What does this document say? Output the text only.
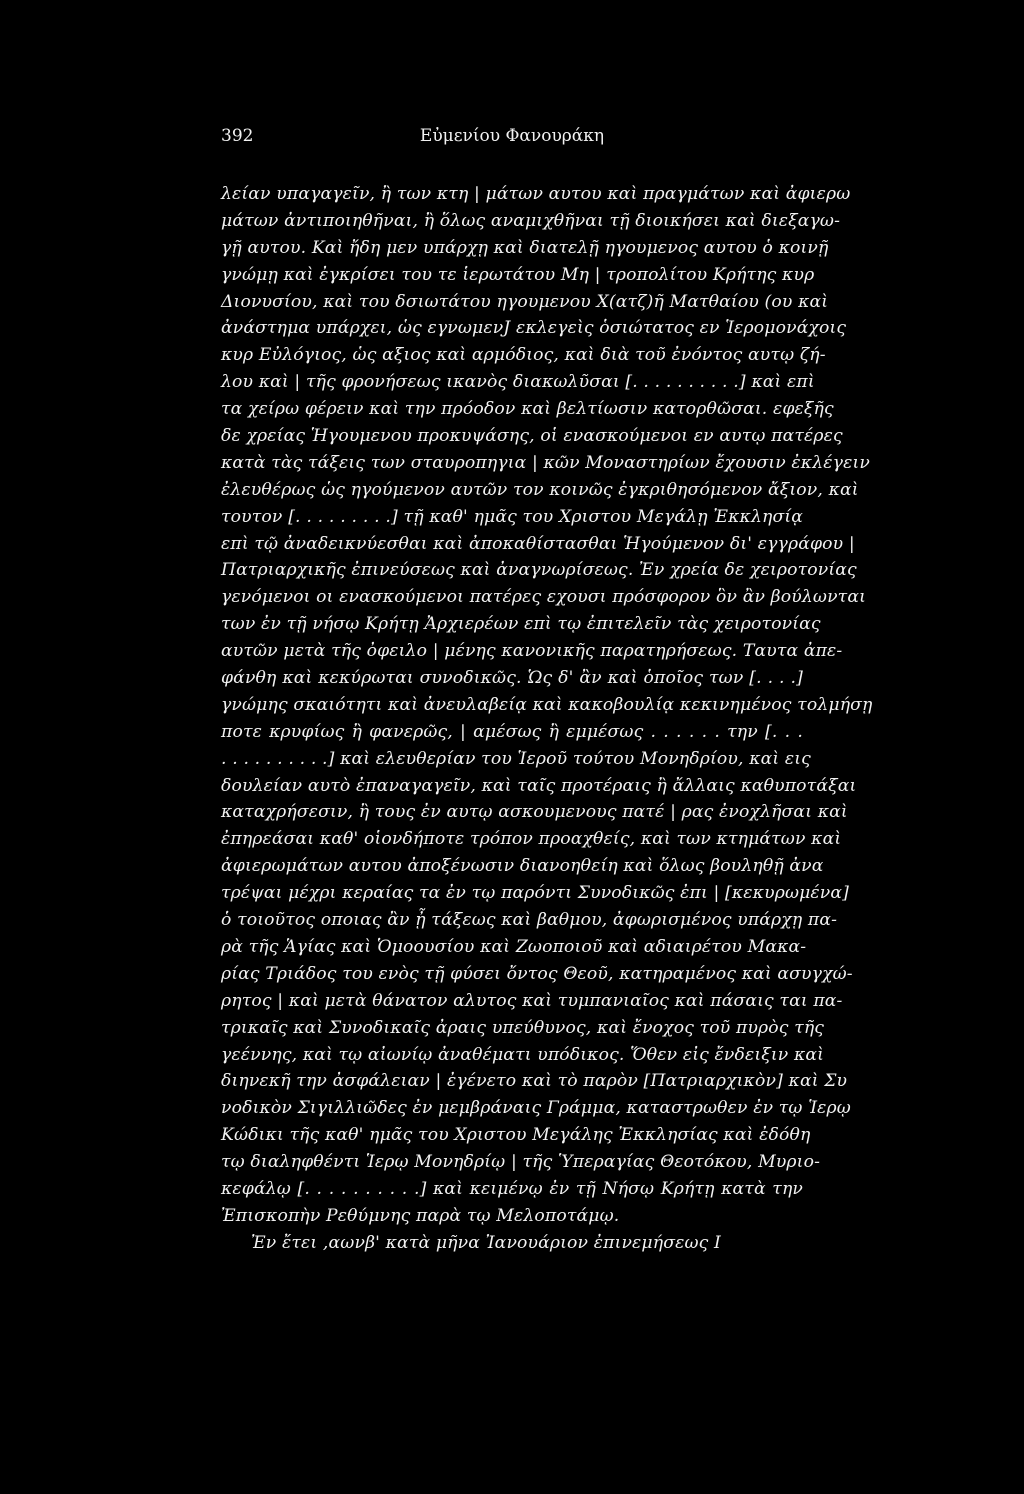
392	Εὐμενίου Φανουράκη
λείαν υπαγαγεῖν, ἢ των κτη | μάτων αυτου καὶ πραγμάτων καὶ ἀφιερω
μάτων ἀντιποιηθῆναι, ἢ ὅλως αναμιχθῆναι τῇ διοικήσει καὶ διεξαγω-
γῇ αυτου. Καὶ ἤδη μεν υπάρχῃ καὶ διατελῇ ηγουμενος αυτου ὁ κοινῇ
γνώμῃ καὶ ἐγκρίσει του τε ἱερωτάτου Μη | τροπολίτου Κρήτης κυρ
Διονυσίου, καὶ του δσιωτάτου ηγουμενου Χ(ατζ)ῆ Ματθαίου (ου καὶ
ἀνάστημα υπάρχει, ὡς εγνωμενJ εκλεγεὶς ὁσιώτατος εν Ἱερομονάχοις
κυρ Εὐλόγιος, ὡς αξιος καὶ αρμόδιος, καὶ διὰ τοῦ ἐνόντος αυτῳ ζή-
λου καὶ | τῆς φρονήσεως ικανὸς διακωλῦσαι [. . . . . . . . . .] καὶ επὶ
τα χείρω φέρειν καὶ την πρόοδον καὶ βελτίωσιν κατορθῶσαι. εφεξῆς
δε χρείας Ἡγουμενου προκυψάσης, οἱ ενασκούμενοι εν αυτῳ πατέρες
κατὰ τὰς τάξεις των σταυροπηγια | κῶν Μοναστηρίων ἔχουσιν ἐκλέγειν
ἐλευθέρως ὡς ηγούμενον αυτῶν τον κοινῶς ἐγκριθησόμενον ἄξιον, καὶ
τουτον [. . . . . . . . .] τῇ καθ' ημᾶς του Χριστου Μεγάλῃ Ἐκκλησίᾳ
επὶ τῷ ἀναδεικνύεσθαι καὶ ἀποκαθίστασθαι Ἡγούμενον δι' εγγράφου |
Πατριαρχικῆς ἐπινεύσεως καὶ ἀναγνωρίσεως. Ἐν χρεία δε χειροτονίας
γενόμενοι οι ενασκούμενοι πατέρες εχουσι πρόσφορον ὃν ἂν βούλωνται
των ἐν τῇ νήσῳ Κρήτῃ Ἀρχιερέων επὶ τῳ ἐπιτελεῖν τὰς χειροτονίας
αυτῶν μετὰ τῆς ὀφειλο | μένης κανονικῆς παρατηρήσεως. Ταυτα ἀπε-
φάνθη καὶ κεκύρωται συνοδικῶς. Ὡς δ' ἂν καὶ ὁποῖος των [. . . .]
γνώμης σκαιότητι καὶ ἀνευλαβείᾳ καὶ κακοβουλίᾳ κεκινημένος τολμήσῃ
ποτε κρυφίως ἢ φανερῶς, | αμέσως ἢ εμμέσως . . . . . . την [. . .
. . . . . . . . . .] καὶ ελευθερίαν του Ἱεροῦ τούτου Μονηδρίου, καὶ εις
δουλείαν αυτὸ ἐπαναγαγεῖν, καὶ ταῖς προτέραις ἢ ἄλλαις καθυποτάξαι
καταχρήσεσιν, ἢ τους ἐν αυτῳ ασκουμενους πατέ | ρας ἐνοχλῆσαι καὶ
ἐπηρεάσαι καθ' οἱονδήποτε τρόπον προαχθείς, καὶ των κτημάτων καὶ
ἀφιερωμάτων αυτου ἀποξένωσιν διανοηθείη καὶ ὅλως βουληθῇ ἀνα
τρέψαι μέχρι κεραίας τα ἐν τῳ παρόντι Συνοδικῶς ἐπι | [κεκυρωμένα]
ὁ τοιοῦτος οποιας ἂν ᾖ τάξεως καὶ βαθμου, ἀφωρισμένος υπάρχῃ πα-
ρὰ τῆς Ἁγίας καὶ Ὁμοουσίου καὶ Ζωοποιοῦ καὶ αδιαιρέτου Μακα-
ρίας Τριάδος του ενὸς τῇ φύσει ὄντος Θεοῦ, κατηραμένος καὶ ασυγχώ-
ρητος | καὶ μετὰ θάνατον αλυτος καὶ τυμπανιαῖος καὶ πάσαις ται πα-
τρικαῖς καὶ Συνοδικαῖς ἀραις υπεύθυνος, καὶ ἔνοχος τοῦ πυρὸς τῆς
γεέννης, καὶ τῳ αἰωνίῳ ἀναθέματι υπόδικος. Ὅθεν εἰς ἔνδειξιν καὶ
διηνεκῆ την ἀσφάλειαν | ἐγένετο καὶ τὸ παρὸν [Πατριαρχικὸν] καὶ Συ
νοδικὸν Σιγιλλιῶδες ἐν μεμβράναις Γράμμα, καταστρωθεν ἐν τῳ Ἱερῳ
Κώδικι τῆς καθ' ημᾶς του Χριστου Μεγάλης Ἐκκλησίας καὶ ἐδόθη
τῳ διαληφθέντι Ἱερῳ Μονηδρίῳ | τῆς Ὑπεραγίας Θεοτόκου, Μυριο-
κεφάλῳ [. . . . . . . . . .] καὶ κειμένῳ ἐν τῇ Νήσῳ Κρήτῃ κατὰ την
Ἐπισκοπὴν Ρεθύμνης παρὰ τῳ Μελοποτάμῳ.
Ἐν ἔτει ,αωνβ' κατὰ μῆνα Ἰανουάριον ἐπινεμήσεως Ι
